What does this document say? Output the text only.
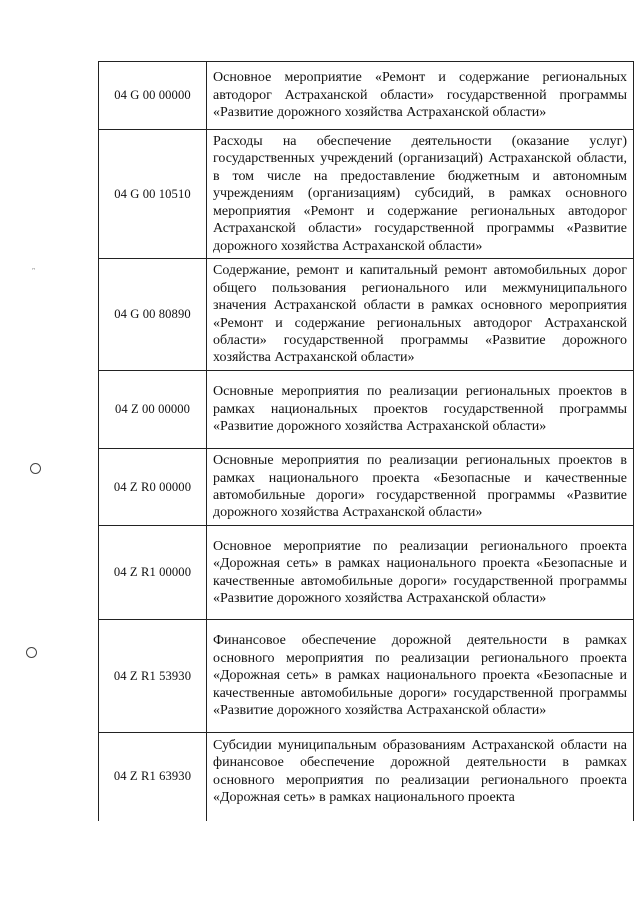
ᵔ
04 G 00 00000	Основное мероприятие «Ремонт и содержание региональных автодорог Астраханской области» государственной программы «Развитие дорожного хозяйства Астраханской области»
04 G 00 10510	Расходы на обеспечение деятельности (оказание услуг) государственных учреждений (организаций) Астраханской области, в том числе на предоставление бюджетным и автономным учреждениям (организациям) субсидий, в рамках основного мероприятия «Ремонт и содержание региональных автодорог Астраханской области» государственной программы «Развитие дорожного хозяйства Астраханской области»
04 G 00 80890	Содержание, ремонт и капитальный ремонт автомобильных дорог общего пользования регионального или межмуниципального значения Астраханской области в рамках основного мероприятия «Ремонт и содержание региональных автодорог Астраханской области» государственной программы «Развитие дорожного хозяйства Астраханской области»
04 Z 00 00000	Основные мероприятия по реализации региональных проектов в рамках национальных проектов государственной программы «Развитие дорожного хозяйства Астраханской области»
04 Z R0 00000	Основные мероприятия по реализации региональных проектов в рамках национального проекта «Безопасные и качественные автомобильные дороги» государственной программы «Развитие дорожного хозяйства Астраханской области»
04 Z R1 00000	Основное мероприятие по реализации регионального проекта «Дорожная сеть» в рамках национального проекта «Безопасные и качественные автомобильные дороги» государственной программы «Развитие дорожного хозяйства Астраханской области»
04 Z R1 53930	Финансовое обеспечение дорожной деятельности в рамках основного мероприятия по реализации регионального проекта «Дорожная сеть» в рамках национального проекта «Безопасные и качественные автомобильные дороги» государственной программы «Развитие дорожного хозяйства Астраханской области»
04 Z R1 63930	Субсидии муниципальным образованиям Астраханской области на финансовое обеспечение дорожной деятельности в рамках основного мероприятия по реализации регионального проекта «Дорожная сеть» в рамках национального проекта
